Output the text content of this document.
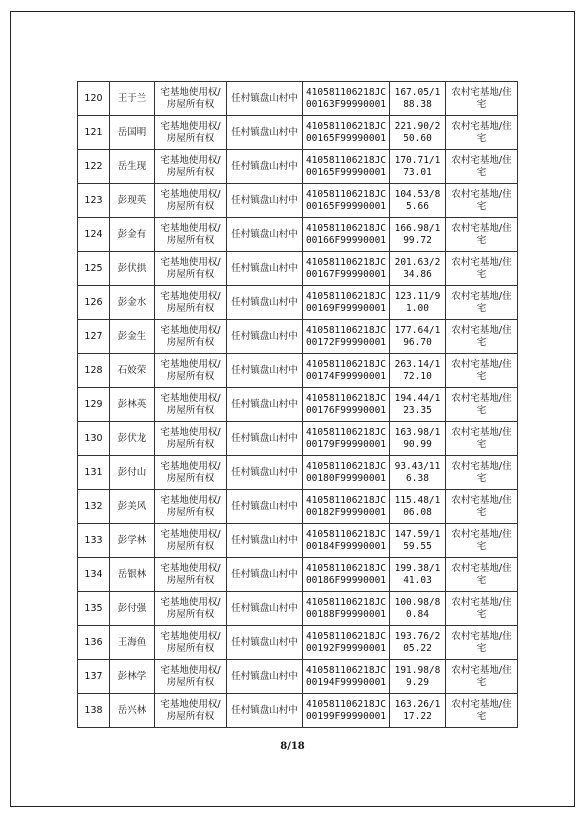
120	王于兰	宅基地使用权/房屋所有权	任村镇盘山村中	410581106218JC00163F99990001	167.05/188.38	农村宅基地/住宅
121	岳国明	宅基地使用权/房屋所有权	任村镇盘山村中	410581106218JC00165F99990001	221.90/250.60	农村宅基地/住宅
122	岳生现	宅基地使用权/房屋所有权	任村镇盘山村中	410581106218JC00165F99990001	170.71/173.01	农村宅基地/住宅
123	彭现英	宅基地使用权/房屋所有权	任村镇盘山村中	410581106218JC00165F99990001	104.53/85.66	农村宅基地/住宅
124	彭金有	宅基地使用权/房屋所有权	任村镇盘山村中	410581106218JC00166F99990001	166.98/199.72	农村宅基地/住宅
125	彭伏拱	宅基地使用权/房屋所有权	任村镇盘山村中	410581106218JC00167F99990001	201.63/234.86	农村宅基地/住宅
126	彭金水	宅基地使用权/房屋所有权	任村镇盘山村中	410581106218JC00169F99990001	123.11/91.00	农村宅基地/住宅
127	彭金生	宅基地使用权/房屋所有权	任村镇盘山村中	410581106218JC00172F99990001	177.64/196.70	农村宅基地/住宅
128	石姣荣	宅基地使用权/房屋所有权	任村镇盘山村中	410581106218JC00174F99990001	263.14/172.10	农村宅基地/住宅
129	彭林英	宅基地使用权/房屋所有权	任村镇盘山村中	410581106218JC00176F99990001	194.44/123.35	农村宅基地/住宅
130	彭伏龙	宅基地使用权/房屋所有权	任村镇盘山村中	410581106218JC00179F99990001	163.98/190.99	农村宅基地/住宅
131	彭付山	宅基地使用权/房屋所有权	任村镇盘山村中	410581106218JC00180F99990001	93.43/116.38	农村宅基地/住宅
132	彭美风	宅基地使用权/房屋所有权	任村镇盘山村中	410581106218JC00182F99990001	115.48/106.08	农村宅基地/住宅
133	彭学林	宅基地使用权/房屋所有权	任村镇盘山村中	410581106218JC00184F99990001	147.59/159.55	农村宅基地/住宅
134	岳银林	宅基地使用权/房屋所有权	任村镇盘山村中	410581106218JC00186F99990001	199.38/141.03	农村宅基地/住宅
135	彭付强	宅基地使用权/房屋所有权	任村镇盘山村中	410581106218JC00188F99990001	100.98/80.84	农村宅基地/住宅
136	王海鱼	宅基地使用权/房屋所有权	任村镇盘山村中	410581106218JC00192F99990001	193.76/205.22	农村宅基地/住宅
137	彭林学	宅基地使用权/房屋所有权	任村镇盘山村中	410581106218JC00194F99990001	191.98/89.29	农村宅基地/住宅
138	岳兴林	宅基地使用权/房屋所有权	任村镇盘山村中	410581106218JC00199F99990001	163.26/117.22	农村宅基地/住宅
8/18
